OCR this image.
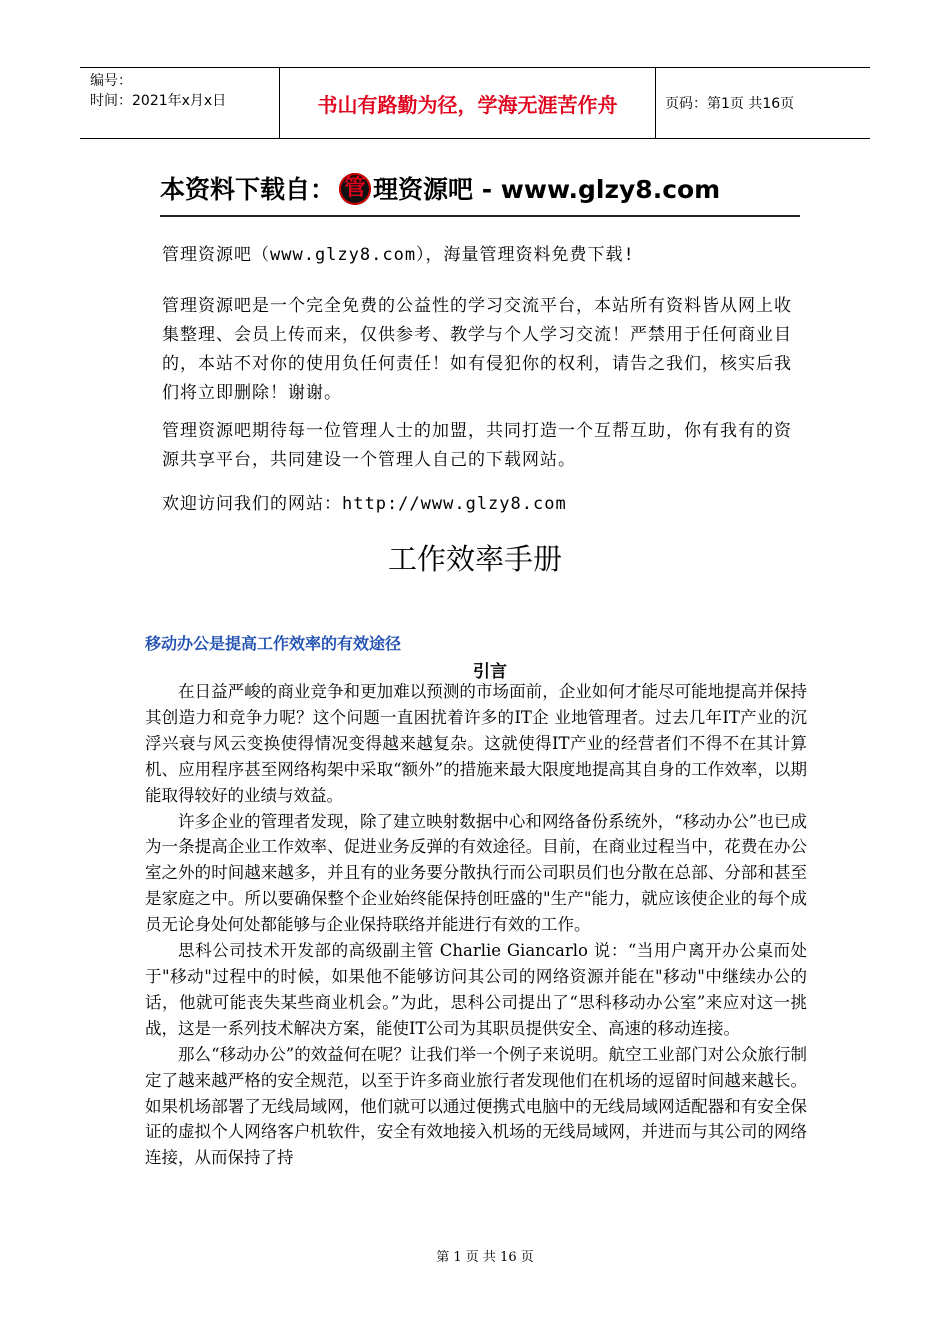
编号：
时间：2021年x月x日	书山有路勤为径，学海无涯苦作舟	页码：第1页 共16页
本资料下载自： 管 理资源吧 - www.glzy8.com
管理资源吧（www.glzy8.com），海量管理资料免费下载!
管理资源吧是一个完全免费的公益性的学习交流平台，本站所有资料皆从网上收集整理、会员上传而来，仅供参考、教学与个人学习交流！严禁用于任何商业目的，本站不对你的使用负任何责任！如有侵犯你的权利，请告之我们，核实后我们将立即删除！谢谢。
管理资源吧期待每一位管理人士的加盟，共同打造一个互帮互助，你有我有的资源共享平台，共同建设一个管理人自己的下载网站。
欢迎访问我们的网站：http://www.glzy8.com
工作效率手册
移动办公是提高工作效率的有效途径
引言

在日益严峻的商业竞争和更加难以预测的市场面前，企业如何才能尽可能地提高并保持其创造力和竞争力呢？这个问题一直困扰着许多的IT企 业地管理者。过去几年IT产业的沉浮兴衰与风云变换使得情况变得越来越复杂。这就使得IT产业的经营者们不得不在其计算机、应用程序甚至网络构架中采取“额外”的措施来最大限度地提高其自身的工作效率，以期能取得较好的业绩与效益。

许多企业的管理者发现，除了建立映射数据中心和网络备份系统外，“移动办公”也已成为一条提高企业工作效率、促进业务反弹的有效途径。目前，在商业过程当中，花费在办公室之外的时间越来越多，并且有的业务要分散执行而公司职员们也分散在总部、分部和甚至是家庭之中。所以要确保整个企业始终能保持创旺盛的"生产"能力，就应该使企业的每个成员无论身处何处都能够与企业保持联络并能进行有效的工作。

思科公司技术开发部的高级副主管 Charlie Giancarlo 说：“当用户离开办公桌而处于"移动"过程中的时候，如果他不能够访问其公司的网络资源并能在"移动"中继续办公的话，他就可能丧失某些商业机会。”为此，思科公司提出了“思科移动办公室”来应对这一挑战，这是一系列技术解决方案，能使IT公司为其职员提供安全、高速的移动连接。

那么“移动办公”的效益何在呢？让我们举一个例子来说明。航空工业部门对公众旅行制定了越来越严格的安全规范，以至于许多商业旅行者发现他们在机场的逗留时间越来越长。如果机场部署了无线局域网，他们就可以通过便携式电脑中的无线局域网适配器和有安全保证的虚拟个人网络客户机软件，安全有效地接入机场的无线局域网，并进而与其公司的网络连接，从而保持了持

第 1 页 共 16 页
